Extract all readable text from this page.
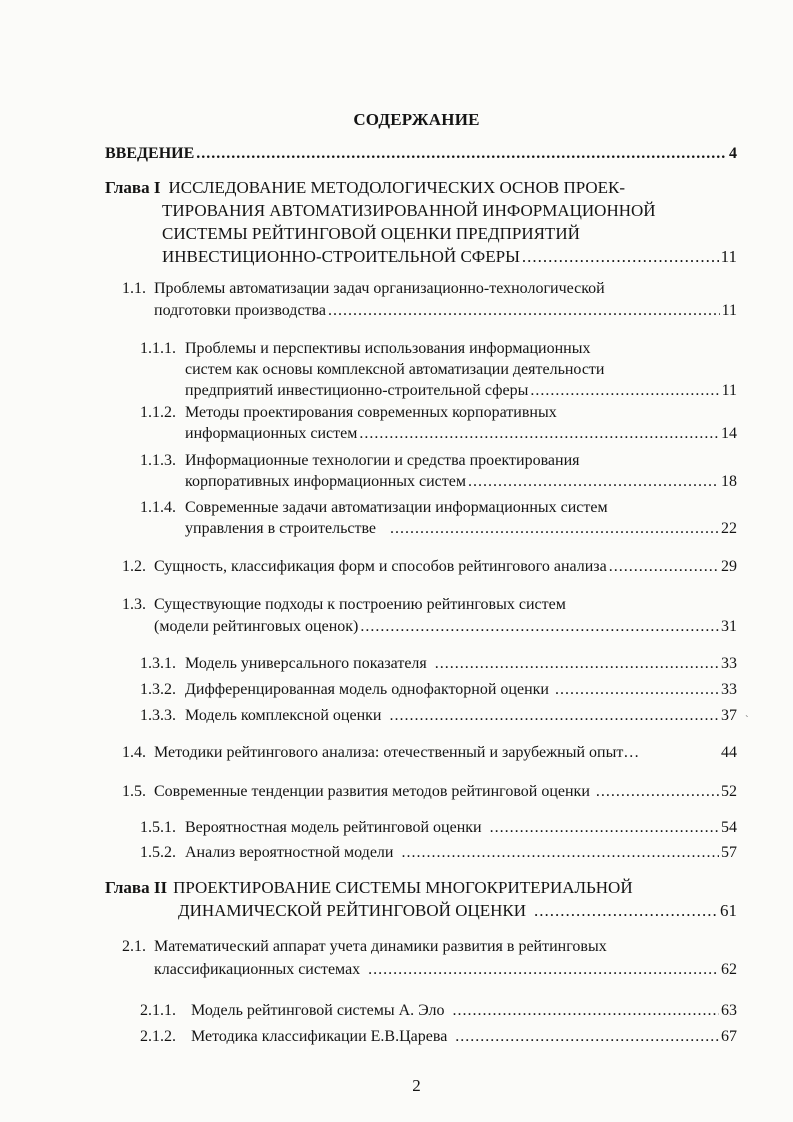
СОДЕРЖАНИЕ
ВВЕДЕНИЕ .....	4
Глава I ИССЛЕДОВАНИЕ МЕТОДОЛОГИЧЕСКИХ ОСНОВ ПРОЕК-
ТИРОВАНИЯ АВТОМАТИЗИРОВАННОЙ ИНФОРМАЦИОННОЙ
СИСТЕМЫ РЕЙТИНГОВОЙ ОЦЕНКИ ПРЕДПРИЯТИЙ
ИНВЕСТИЦИОННО-СТРОИТЕЛЬНОЙ СФЕРЫ .....	11
1.1. Проблемы автоматизации задач организационно-технологической
подготовки производства .....	11
1.1.1. Проблемы и перспективы использования информационных
систем как основы комплексной автоматизации деятельности
предприятий инвестиционно-строительной сферы .....	11
1.1.2. Методы проектирования современных корпоративных
информационных систем .....	14
1.1.3. Информационные технологии и средства проектирования
корпоративных информационных систем .....	18
1.1.4. Современные задачи автоматизации информационных систем
управления в строительстве .....	22
1.2. Сущность, классификация форм и способов рейтингового анализа .....	29
1.3. Существующие подходы к построению рейтинговых систем
(модели рейтинговых оценок) .....	31
1.3.1. Модель универсального показателя .....	33
1.3.2. Дифференцированная модель однофакторной оценки .....	33
1.3.3. Модель комплексной оценки .....	37 ˋ
1.4. Методики рейтингового анализа: отечественный и зарубежный опыт…	44
1.5. Современные тенденции развития методов рейтинговой оценки .....	52
1.5.1. Вероятностная модель рейтинговой оценки .....	54
1.5.2. Анализ вероятностной модели .....	57
Глава II ПРОЕКТИРОВАНИЕ СИСТЕМЫ МНОГОКРИТЕРИАЛЬНОЙ
ДИНАМИЧЕСКОЙ РЕЙТИНГОВОЙ ОЦЕНКИ .....	61
2.1. Математический аппарат учета динамики развития в рейтинговых
классификационных системах .....	62
2.1.1. Модель рейтинговой системы А. Эло .....	63
2.1.2. Методика классификации Е.В.Царева .....	67
2
